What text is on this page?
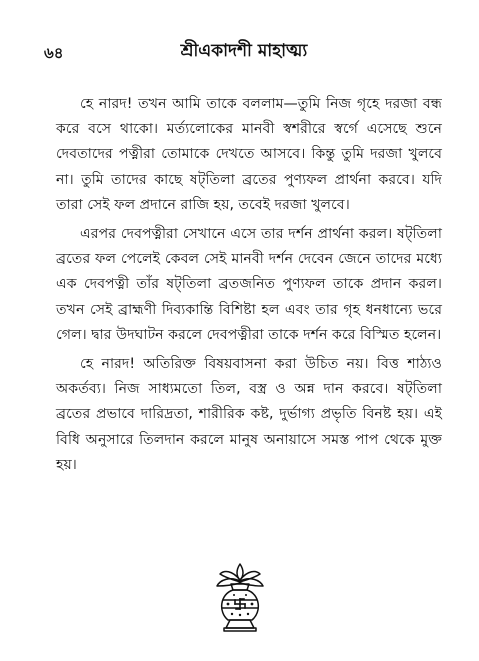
৬৪	শ্রীএকাদশী মাহাত্ম্য

হে নারদ! তখন আমি তাকে বললাম—তুমি নিজ গৃহে দরজা বন্ধ করে বসে থাকো। মর্ত্যলোকের মানবী স্বশরীরে স্বর্গে এসেছে শুনে দেবতাদের পত্নীরা তোমাকে দেখতে আসবে। কিন্তু তুমি দরজা খুলবে না। তুমি তাদের কাছে ষট্‌তিলা ব্রতের পুণ্যফল প্রার্থনা করবে। যদি তারা সেই ফল প্রদানে রাজি হয়, তবেই দরজা খুলবে।

এরপর দেবপত্নীরা সেখানে এসে তার দর্শন প্রার্থনা করল। ষট্‌তিলা ব্রতের ফল পেলেই কেবল সেই মানবী দর্শন দেবেন জেনে তাদের মধ্যে এক দেবপত্নী তাঁর ষট্‌তিলা ব্রতজনিত পুণ্যফল তাকে প্রদান করল। তখন সেই ব্রাহ্মণী দিব্যকান্তি বিশিষ্টা হল এবং তার গৃহ ধনধান্যে ভরে গেল। দ্বার উদঘাটন করলে দেবপত্নীরা তাকে দর্শন করে বিস্মিত হলেন।

হে নারদ! অতিরিক্ত বিষয়বাসনা করা উচিত নয়। বিত্ত শাঠ্যও অকর্তব্য। নিজ সাধ্যমতো তিল, বস্ত্র ও অন্ন দান করবে। ষট্‌তিলা ব্রতের প্রভাবে দারিদ্রতা, শারীরিক কষ্ট, দুর্ভাগ্য প্রভৃতি বিনষ্ট হয়। এই বিধি অনুসারে তিলদান করলে মানুষ অনায়াসে সমস্ত পাপ থেকে মুক্ত হয়।
